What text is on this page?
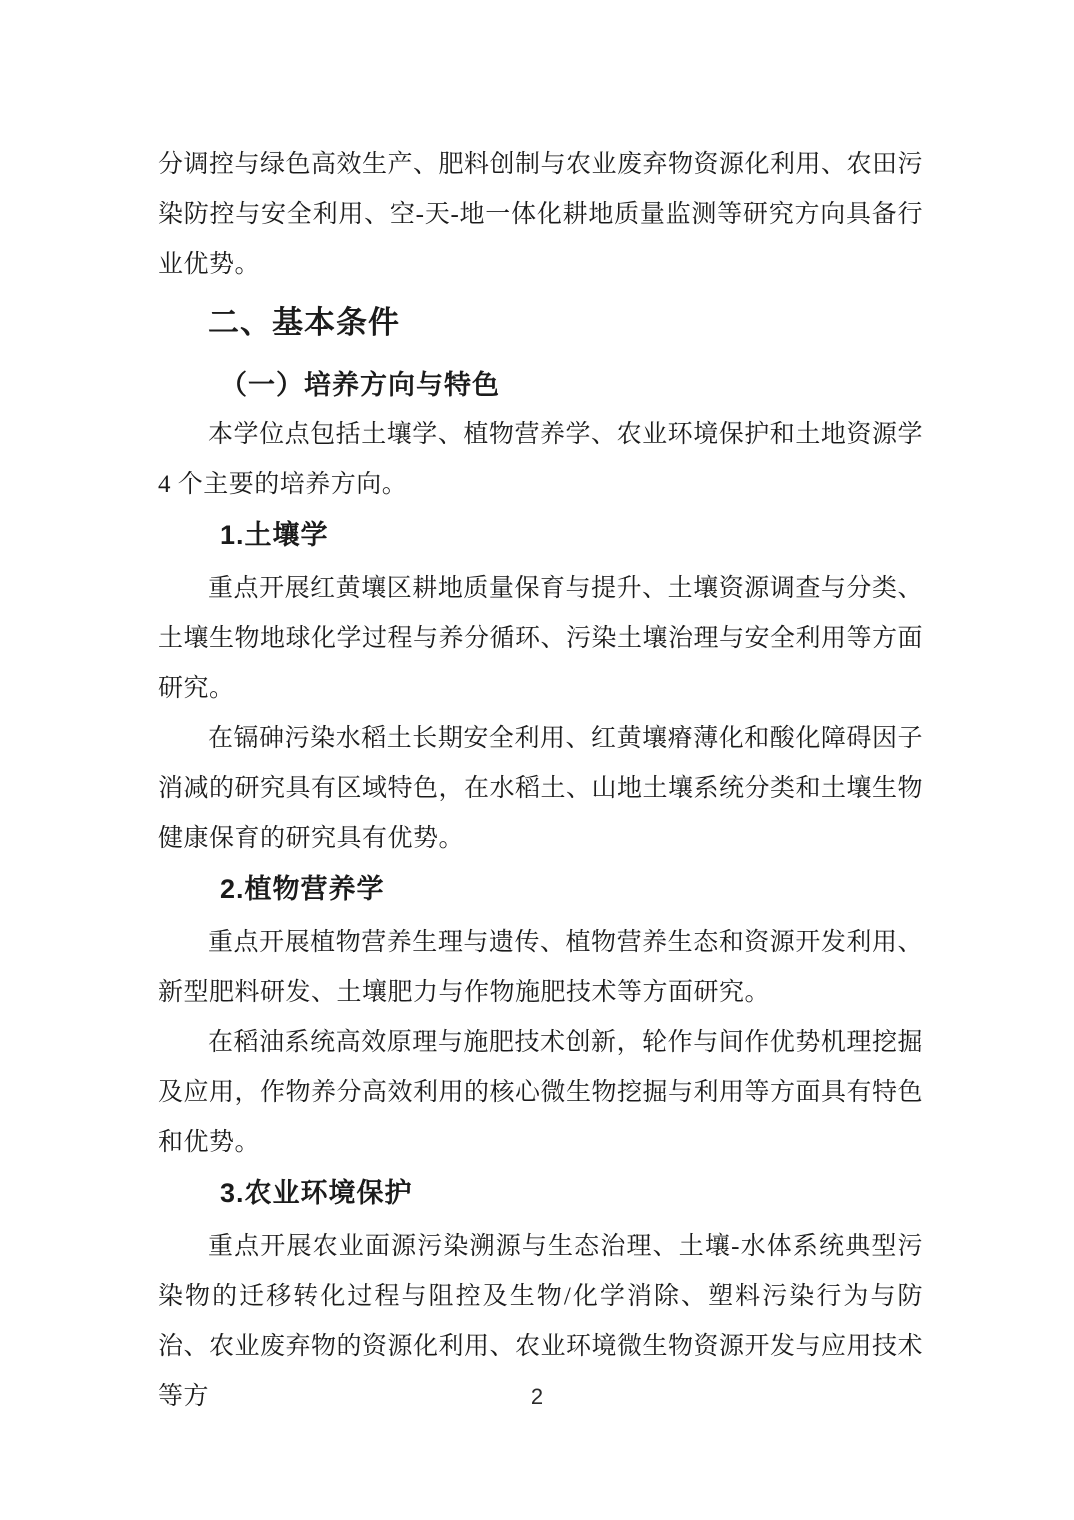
分调控与绿色高效生产、肥料创制与农业废弃物资源化利用、农田污染防控与安全利用、空-天-地一体化耕地质量监测等研究方向具备行业优势。

二、基本条件
（一）培养方向与特色

本学位点包括土壤学、植物营养学、农业环境保护和土地资源学 4 个主要的培养方向。

1.土壤学

重点开展红黄壤区耕地质量保育与提升、土壤资源调查与分类、土壤生物地球化学过程与养分循环、污染土壤治理与安全利用等方面研究。

在镉砷污染水稻土长期安全利用、红黄壤瘠薄化和酸化障碍因子消减的研究具有区域特色，在水稻土、山地土壤系统分类和土壤生物健康保育的研究具有优势。

2.植物营养学

重点开展植物营养生理与遗传、植物营养生态和资源开发利用、新型肥料研发、土壤肥力与作物施肥技术等方面研究。

在稻油系统高效原理与施肥技术创新，轮作与间作优势机理挖掘及应用，作物养分高效利用的核心微生物挖掘与利用等方面具有特色和优势。

3.农业环境保护

重点开展农业面源污染溯源与生态治理、土壤-水体系统典型污染物的迁移转化过程与阻控及生物/化学消除、塑料污染行为与防治、农业废弃物的资源化利用、农业环境微生物资源开发与应用技术等方	2
